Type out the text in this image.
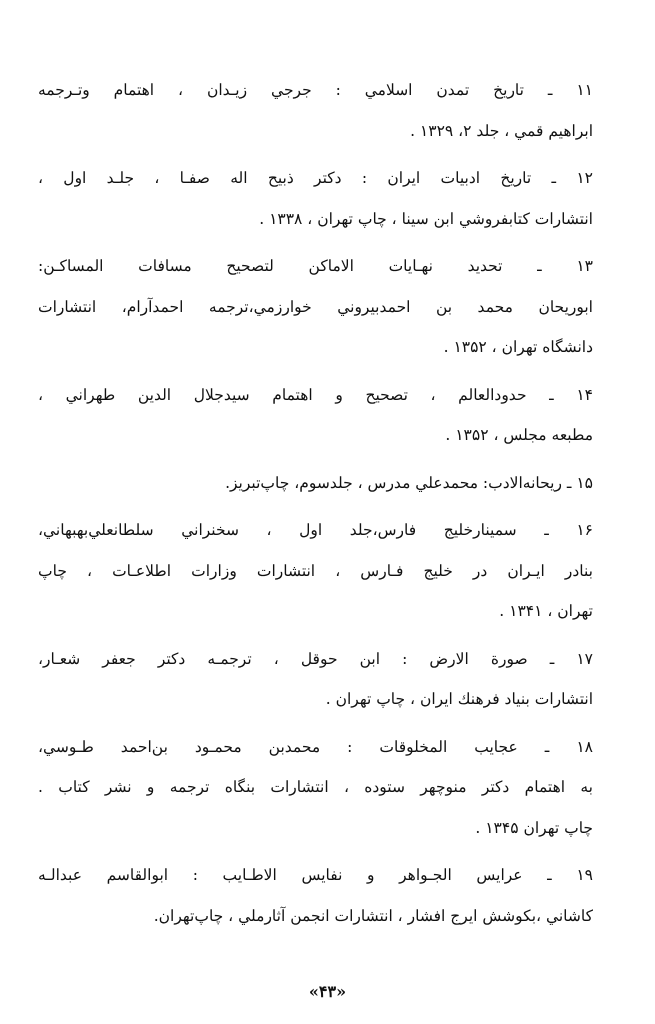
۱۱ ـ تاريخ تمدن اسلامي : جرجي زيـدان ، اهتمام وتـرجمه
ابراهيم قمي ، جلد ۲، ۱۳۲۹ .
۱۲ ـ تاريخ ادبيات ايران : دكتر ذبيح اله صفـا ، جلـد اول ،
انتشارات كتابفروشي ابن سينا ، چاپ تهران ، ۱۳۳۸ .
۱۳ ـ تحديد نهـايات الاماكن لتصحيح مسافات المساكـن:
ابوريحان محمد بن احمدبيروني خوارزمي،ترجمه احمدآرام، انتشارات
دانشگاه تهران ، ۱۳۵۲ .
۱۴ ـ حدودالعالم ، تصحيح و اهتمام سيدجلال الدين طهراني ،
مطبعه مجلس ، ۱۳۵۲ .
۱۵ ـ ريحانه‌الادب: محمدعلي مدرس ، جلدسوم، چاپ‌تبريز.
۱۶ ـ سمينارخليج فارس،جلد اول ، سخنراني سلطانعلي‌بهبهاني،
بنادر ايـران در خليج فـارس ، انتشارات وزارات اطلاعـات ، چاپ
تهران ، ۱۳۴۱ .
۱۷ ـ صورة الارض : ابن حوقل ، ترجمـه دكتر جعفر شعـار،
انتشارات بنياد فرهنك ايران ، چاپ تهران .
۱۸ ـ عجايب المخلوقات : محمدبن محمـود بن‌احمد طـوسي،
به اهتمام دكتر منوچهر ستوده ، انتشارات بنگاه ترجمه و نشر كتاب .
چاپ تهران ۱۳۴۵ .
۱۹ ـ عرايس الجـواهر و نفايس الاطـايب : ابوالقاسم عبدالـه
كاشاني ،بكوشش ايرج افشار ، انتشارات انجمن آثارملي ، چاپ‌تهران.
«۴۳»
